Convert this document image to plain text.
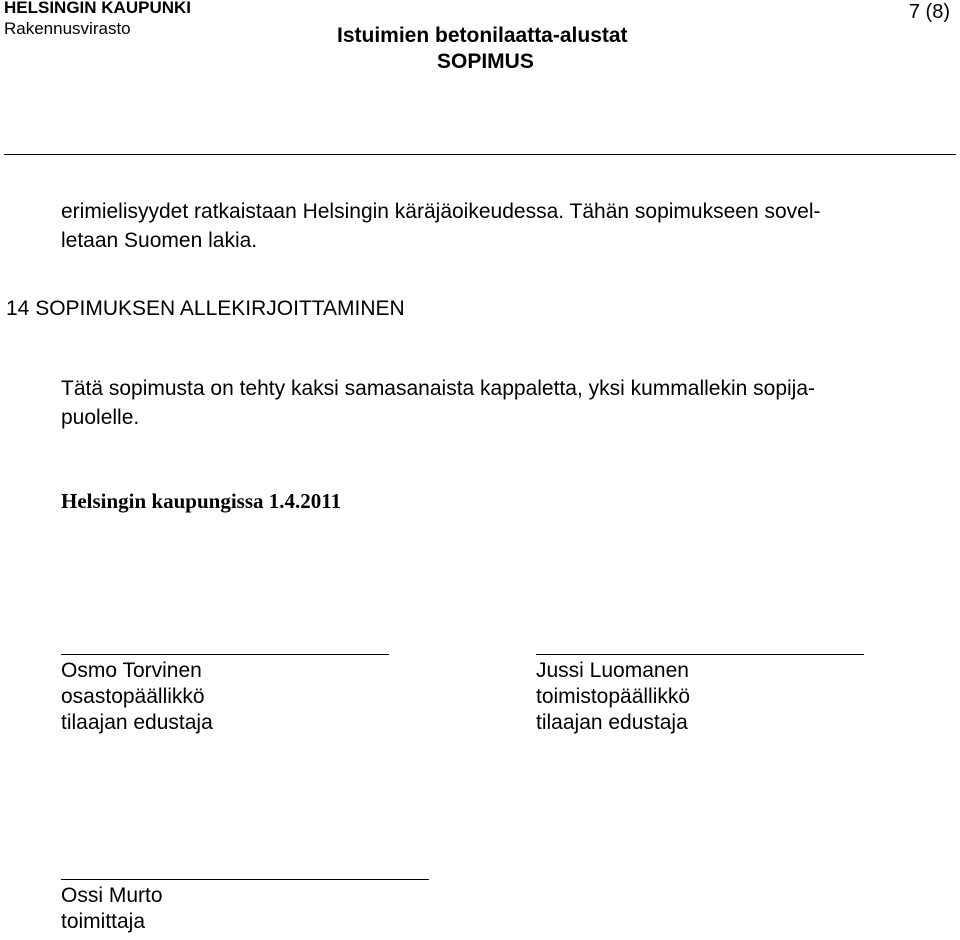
HELSINGIN KAUPUNKI
Rakennusvirasto	Istuimien betonilaatta-alustat
SOPIMUS
7 (8)
erimielisyydet ratkaistaan Helsingin käräjäoikeudessa. Tähän sopimukseen sovel-
letaan Suomen lakia.
14 SOPIMUKSEN ALLEKIRJOITTAMINEN
Tätä sopimusta on tehty kaksi samasanaista kappaletta, yksi kummallekin sopija-
puolelle.
Helsingin kaupungissa 1.4.2011
Osmo Torvinen
osastopäällikkö
tilaajan edustaja
Jussi Luomanen
toimistopäällikkö
tilaajan edustaja
Ossi Murto
toimittaja
